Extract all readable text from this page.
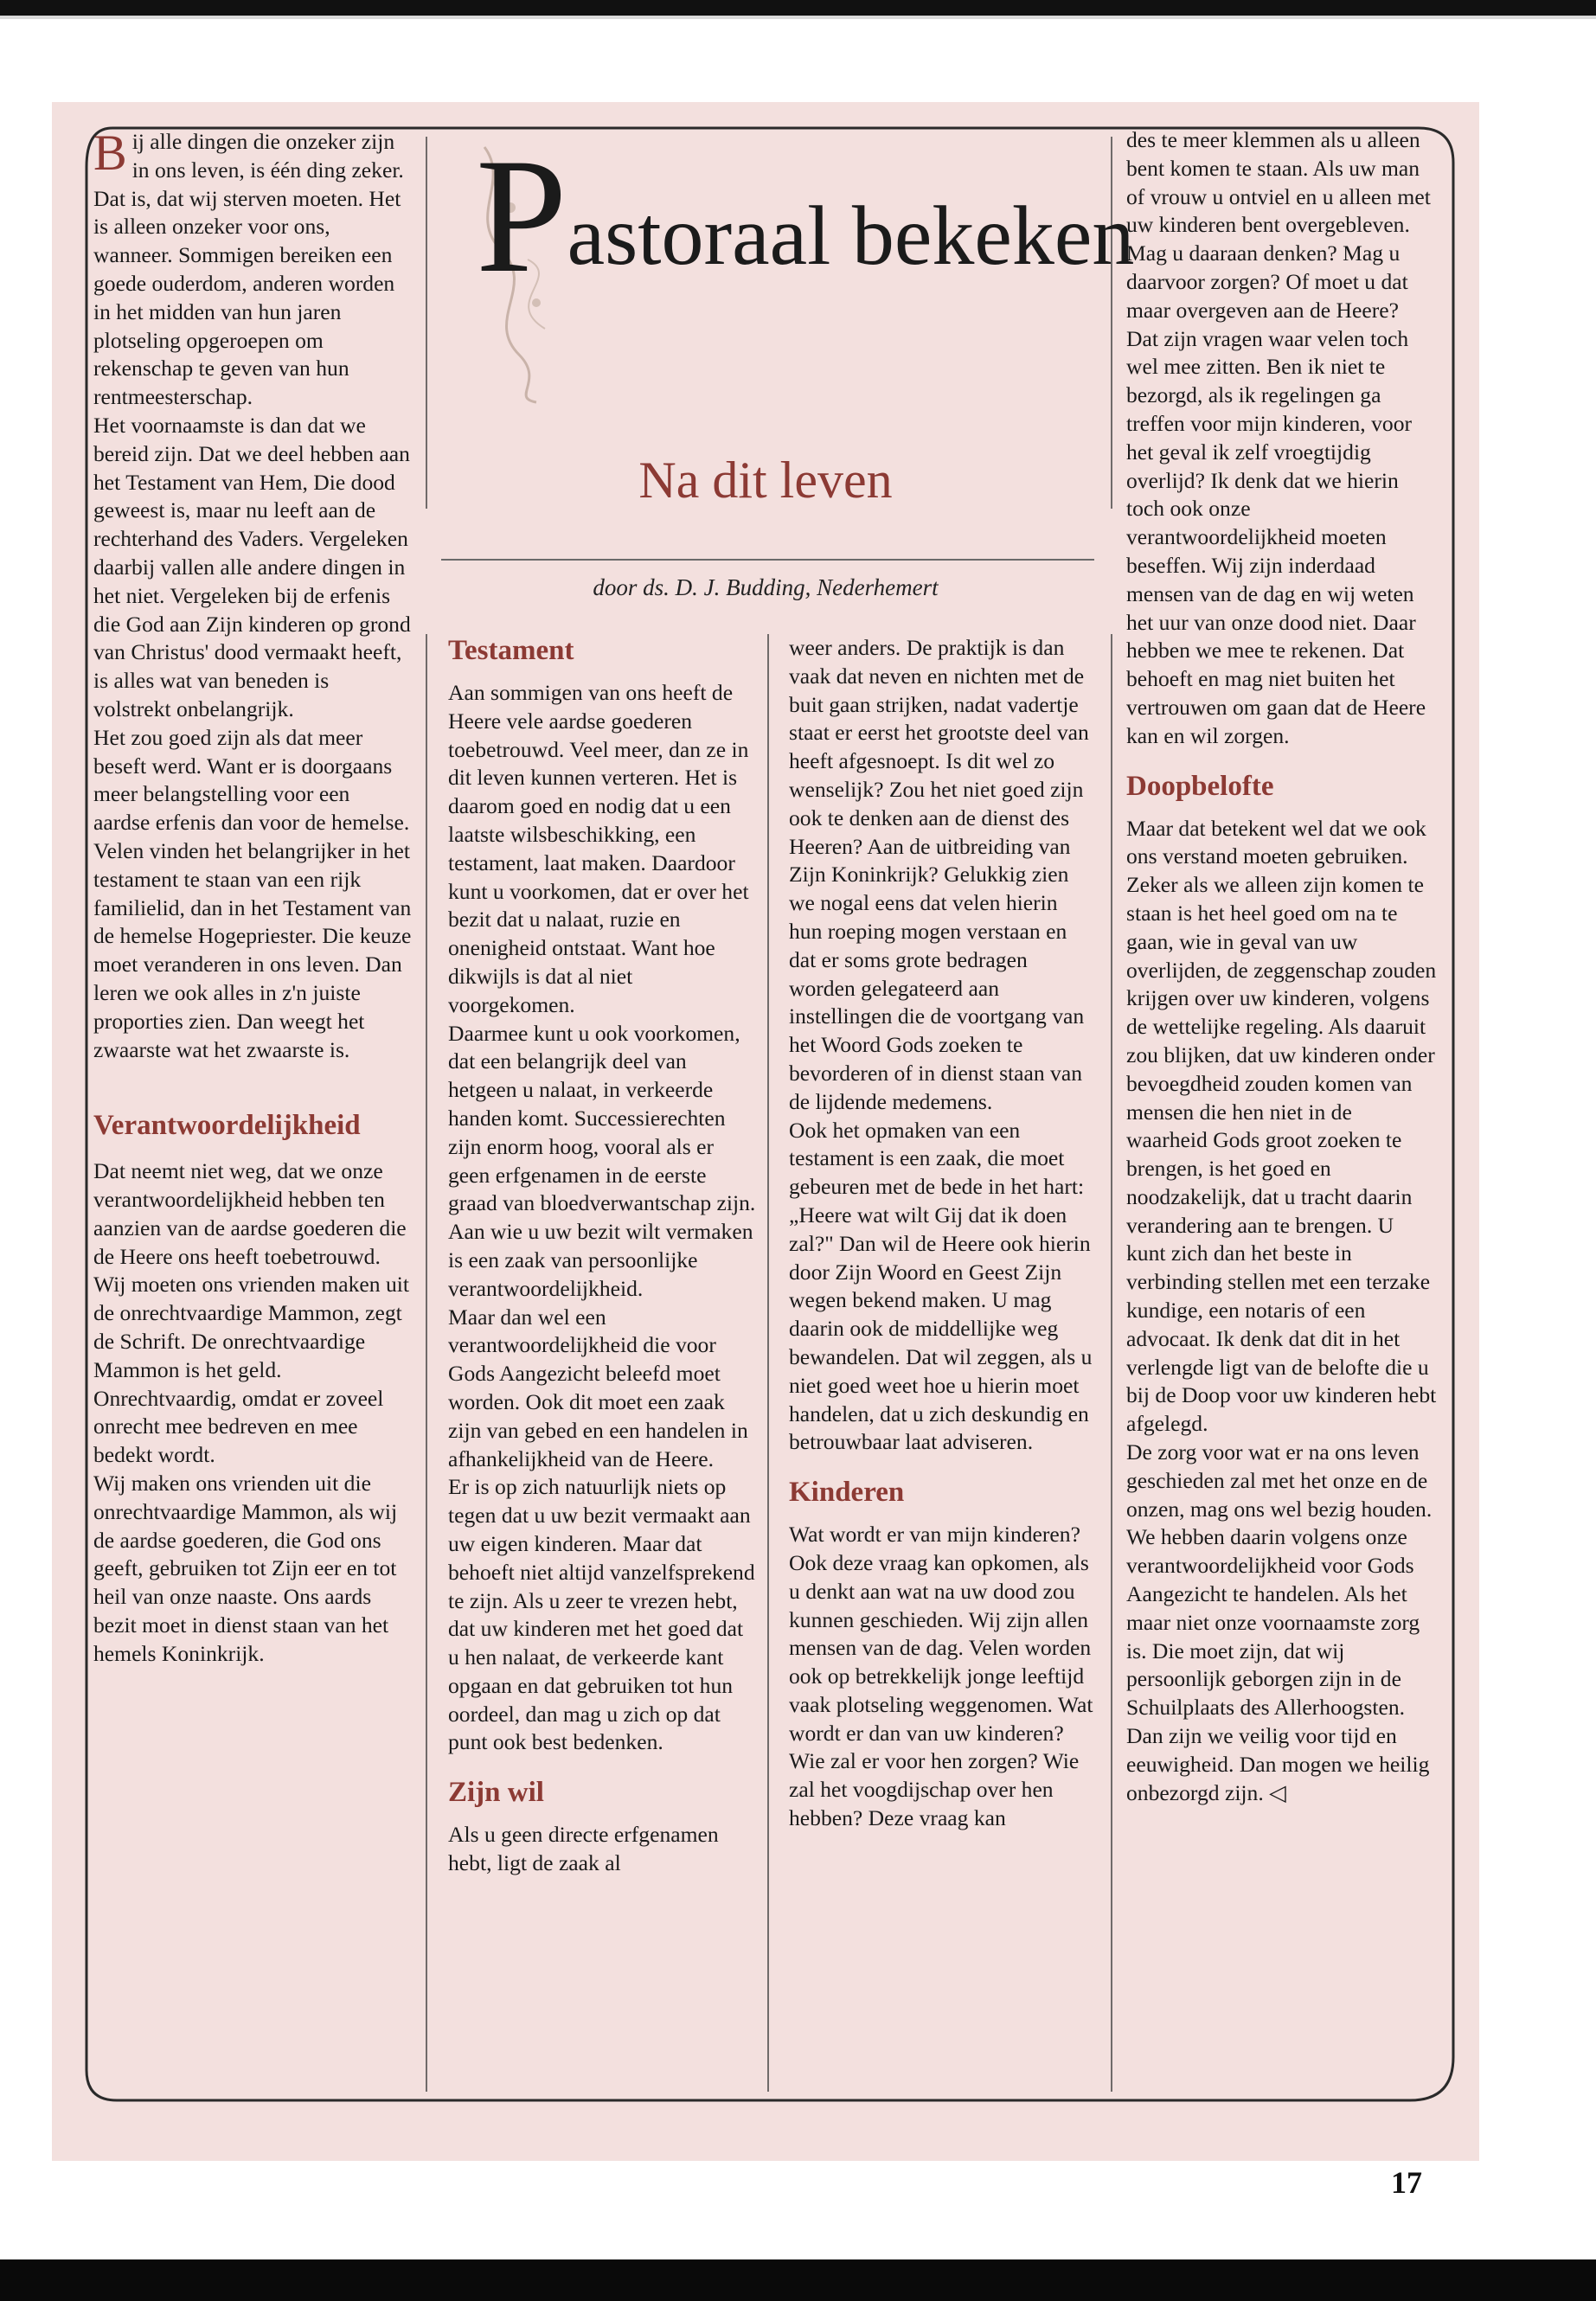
Pastoraal bekeken
Na dit leven
door ds. D. J. Budding, Nederhemert

Bij alle dingen die onzeker zijn in ons leven, is één ding zeker. Dat is, dat wij sterven moeten. Het is alleen onzeker voor ons, wanneer. Sommigen bereiken een goede ouderdom, anderen worden in het midden van hun jaren plotseling opgeroepen om rekenschap te geven van hun rentmeesterschap.

Het voornaamste is dan dat we bereid zijn. Dat we deel hebben aan het Testament van Hem, Die dood geweest is, maar nu leeft aan de rechterhand des Vaders. Vergeleken daarbij vallen alle andere dingen in het niet. Vergeleken bij de erfenis die God aan Zijn kinderen op grond van Christus' dood vermaakt heeft, is alles wat van beneden is volstrekt onbelangrijk.

Het zou goed zijn als dat meer beseft werd. Want er is doorgaans meer belangstelling voor een aardse erfenis dan voor de hemelse. Velen vinden het belangrijker in het testament te staan van een rijk familielid, dan in het Testament van de hemelse Hogepriester. Die keuze moet veranderen in ons leven. Dan leren we ook alles in z'n juiste proporties zien. Dan weegt het zwaarste wat het zwaarste is.

Verantwoordelijkheid

Dat neemt niet weg, dat we onze verantwoordelijkheid hebben ten aanzien van de aardse goederen die de Heere ons heeft toebetrouwd. Wij moeten ons vrienden maken uit de onrechtvaardige Mammon, zegt de Schrift. De onrechtvaardige Mammon is het geld. Onrechtvaardig, omdat er zoveel onrecht mee bedreven en mee bedekt wordt.

Wij maken ons vrienden uit die onrechtvaardige Mammon, als wij de aardse goederen, die God ons geeft, gebruiken tot Zijn eer en tot heil van onze naaste. Ons aards bezit moet in dienst staan van het hemels Koninkrijk.

Testament

Aan sommigen van ons heeft de Heere vele aardse goederen toebetrouwd. Veel meer, dan ze in dit leven kunnen verteren. Het is daarom goed en nodig dat u een laatste wilsbeschikking, een testament, laat maken. Daardoor kunt u voorkomen, dat er over het bezit dat u nalaat, ruzie en onenigheid ontstaat. Want hoe dikwijls is dat al niet voorgekomen.

Daarmee kunt u ook voorkomen, dat een belangrijk deel van hetgeen u nalaat, in verkeerde handen komt. Successierechten zijn enorm hoog, vooral als er geen erfgenamen in de eerste graad van bloedverwantschap zijn. Aan wie u uw bezit wilt vermaken is een zaak van persoonlijke verantwoordelijkheid.

Maar dan wel een verantwoordelijkheid die voor Gods Aangezicht beleefd moet worden. Ook dit moet een zaak zijn van gebed en een handelen in afhankelijkheid van de Heere.

Er is op zich natuurlijk niets op tegen dat u uw bezit vermaakt aan uw eigen kinderen. Maar dat behoeft niet altijd vanzelfsprekend te zijn. Als u zeer te vrezen hebt, dat uw kinderen met het goed dat u hen nalaat, de verkeerde kant opgaan en dat gebruiken tot hun oordeel, dan mag u zich op dat punt ook best bedenken.

Zijn wil

Als u geen directe erfgenamen hebt, ligt de zaak al

weer anders. De praktijk is dan vaak dat neven en nichten met de buit gaan strijken, nadat vadertje staat er eerst het grootste deel van heeft afgesnoept. Is dit wel zo wenselijk? Zou het niet goed zijn ook te denken aan de dienst des Heeren? Aan de uitbreiding van Zijn Koninkrijk? Gelukkig zien we nogal eens dat velen hierin hun roeping mogen verstaan en dat er soms grote bedragen worden gelegateerd aan instellingen die de voortgang van het Woord Gods zoeken te bevorderen of in dienst staan van de lijdende medemens.

Ook het opmaken van een testament is een zaak, die moet gebeuren met de bede in het hart: „Heere wat wilt Gij dat ik doen zal?" Dan wil de Heere ook hierin door Zijn Woord en Geest Zijn wegen bekend maken. U mag daarin ook de middellijke weg bewandelen. Dat wil zeggen, als u niet goed weet hoe u hierin moet handelen, dat u zich deskundig en betrouwbaar laat adviseren.

Kinderen

Wat wordt er van mijn kinderen? Ook deze vraag kan opkomen, als u denkt aan wat na uw dood zou kunnen geschieden. Wij zijn allen mensen van de dag. Velen worden ook op betrekkelijk jonge leeftijd vaak plotseling weggenomen. Wat wordt er dan van uw kinderen? Wie zal er voor hen zorgen? Wie zal het voogdijschap over hen hebben? Deze vraag kan

des te meer klemmen als u alleen bent komen te staan. Als uw man of vrouw u ontviel en u alleen met uw kinderen bent overgebleven. Mag u daaraan denken? Mag u daarvoor zorgen? Of moet u dat maar overgeven aan de Heere?

Dat zijn vragen waar velen toch wel mee zitten. Ben ik niet te bezorgd, als ik regelingen ga treffen voor mijn kinderen, voor het geval ik zelf vroegtijdig overlijd? Ik denk dat we hierin toch ook onze verantwoordelijkheid moeten beseffen. Wij zijn inderdaad mensen van de dag en wij weten het uur van onze dood niet. Daar hebben we mee te rekenen. Dat behoeft en mag niet buiten het vertrouwen om gaan dat de Heere kan en wil zorgen.

Doopbelofte

Maar dat betekent wel dat we ook ons verstand moeten gebruiken. Zeker als we alleen zijn komen te staan is het heel goed om na te gaan, wie in geval van uw overlijden, de zeggenschap zouden krijgen over uw kinderen, volgens de wettelijke regeling. Als daaruit zou blijken, dat uw kinderen onder bevoegdheid zouden komen van mensen die hen niet in de waarheid Gods groot zoeken te brengen, is het goed en noodzakelijk, dat u tracht daarin verandering aan te brengen. U kunt zich dan het beste in verbinding stellen met een terzake kundige, een notaris of een advocaat. Ik denk dat dit in het verlengde ligt van de belofte die u bij de Doop voor uw kinderen hebt afgelegd.

De zorg voor wat er na ons leven geschieden zal met het onze en de onzen, mag ons wel bezig houden. We hebben daarin volgens onze verantwoordelijkheid voor Gods Aangezicht te handelen. Als het maar niet onze voornaamste zorg is. Die moet zijn, dat wij persoonlijk geborgen zijn in de Schuilplaats des Allerhoogsten. Dan zijn we veilig voor tijd en eeuwigheid. Dan mogen we heilig onbezorgd zijn. ◁

17
